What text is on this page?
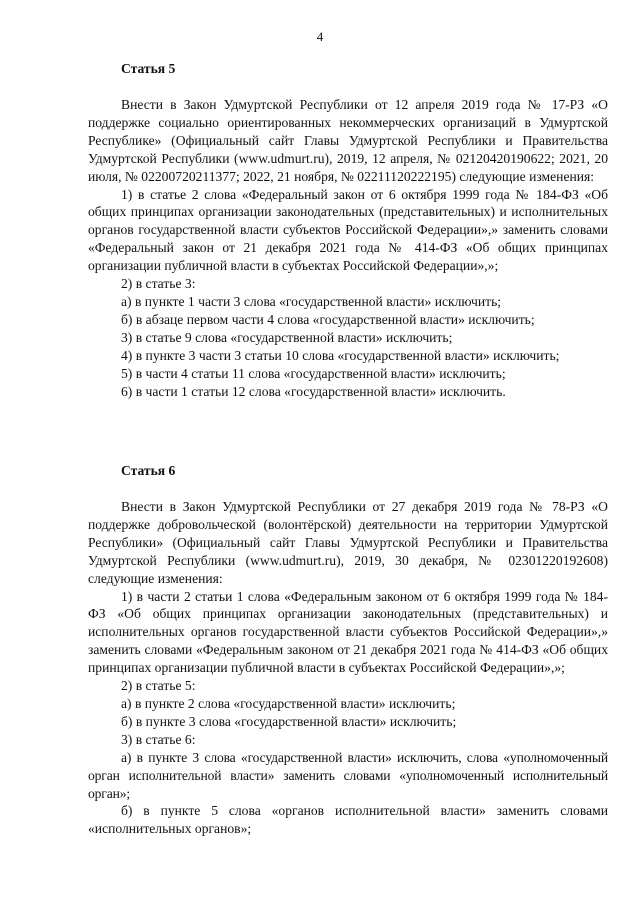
4
Статья 5
Внести в Закон Удмуртской Республики от 12 апреля 2019 года № 17-РЗ «О поддержке социально ориентированных некоммерческих организаций в Удмуртской Республике» (Официальный сайт Главы Удмуртской Республики и Правительства Удмуртской Республики (www.udmurt.ru), 2019, 12 апреля, № 02120420190622; 2021, 20 июля, № 02200720211377; 2022, 21 ноября, № 02211120222195) следующие изменения:
1) в статье 2 слова «Федеральный закон от 6 октября 1999 года № 184-ФЗ «Об общих принципах организации законодательных (представительных) и исполнительных органов государственной власти субъектов Российской Федерации»,» заменить словами «Федеральный закон от 21 декабря 2021 года № 414-ФЗ «Об общих принципах организации публичной власти в субъектах Российской Федерации»,»;
2) в статье 3:
а) в пункте 1 части 3 слова «государственной власти» исключить;
б) в абзаце первом части 4 слова «государственной власти» исключить;
3) в статье 9 слова «государственной власти» исключить;
4) в пункте 3 части 3 статьи 10 слова «государственной власти» исключить;
5) в части 4 статьи 11 слова «государственной власти» исключить;
6) в части 1 статьи 12 слова «государственной власти» исключить.
Статья 6
Внести в Закон Удмуртской Республики от 27 декабря 2019 года № 78-РЗ «О поддержке добровольческой (волонтёрской) деятельности на территории Удмуртской Республики» (Официальный сайт Главы Удмуртской Республики и Правительства Удмуртской Республики (www.udmurt.ru), 2019, 30 декабря, № 02301220192608) следующие изменения:
1) в части 2 статьи 1 слова «Федеральным законом от 6 октября 1999 года № 184-ФЗ «Об общих принципах организации законодательных (представительных) и исполнительных органов государственной власти субъектов Российской Федерации»,» заменить словами «Федеральным законом от 21 декабря 2021 года № 414-ФЗ «Об общих принципах организации публичной власти в субъектах Российской Федерации»,»;
2) в статье 5:
а) в пункте 2 слова «государственной власти» исключить;
б) в пункте 3 слова «государственной власти» исключить;
3) в статье 6:
а) в пункте 3 слова «государственной власти» исключить, слова «уполномоченный орган исполнительной власти» заменить словами «уполномоченный исполнительный орган»;
б) в пункте 5 слова «органов исполнительной власти» заменить словами «исполнительных органов»;
